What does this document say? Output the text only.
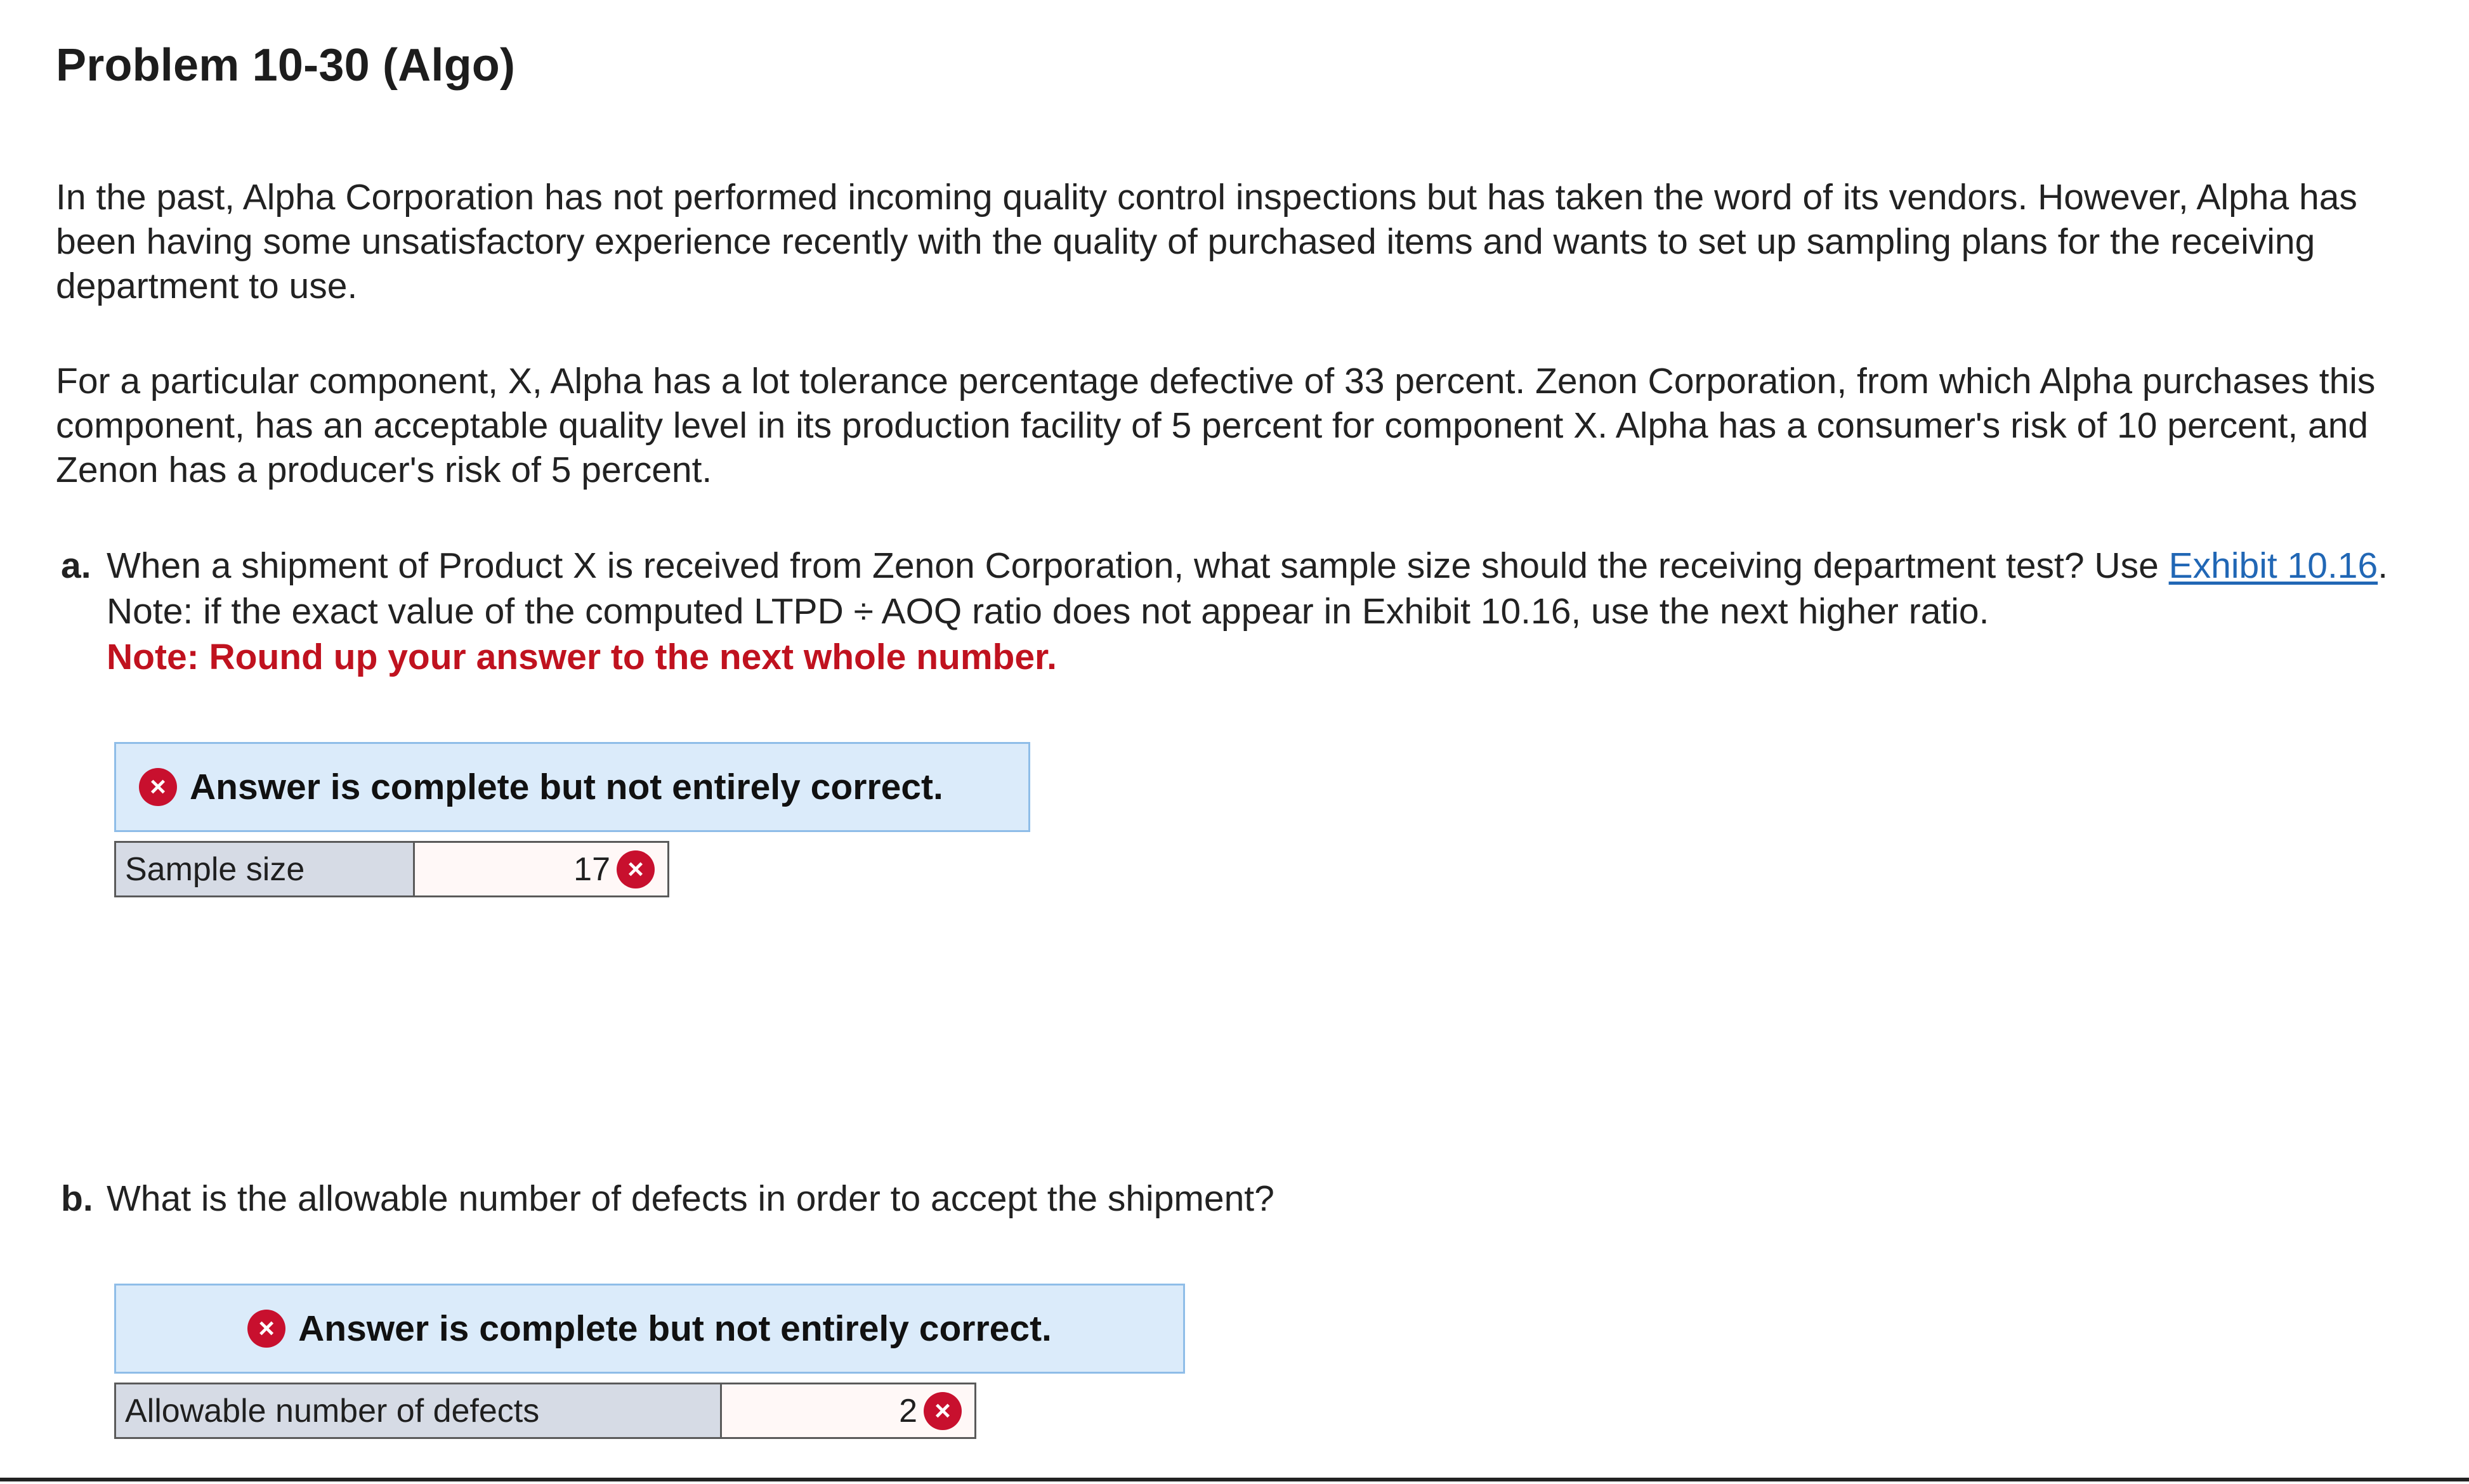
Problem 10-30 (Algo)

In the past, Alpha Corporation has not performed incoming quality control inspections but has taken the word of its vendors. However, Alpha has been having some unsatisfactory experience recently with the quality of purchased items and wants to set up sampling plans for the receiving department to use.

For a particular component, X, Alpha has a lot tolerance percentage defective of 33 percent. Zenon Corporation, from which Alpha purchases this component, has an acceptable quality level in its production facility of 5 percent for component X. Alpha has a consumer's risk of 10 percent, and Zenon has a producer's risk of 5 percent.

a. When a shipment of Product X is received from Zenon Corporation, what sample size should the receiving department test? Use Exhibit 10.16. Note: if the exact value of the computed LTPD ÷ AOQ ratio does not appear in Exhibit 10.16, use the next higher ratio.
Note: Round up your answer to the next whole number.
× Answer is complete but not entirely correct.
Sample size	17 ×
b. What is the allowable number of defects in order to accept the shipment?
× Answer is complete but not entirely correct.
Allowable number of defects	2 ×
